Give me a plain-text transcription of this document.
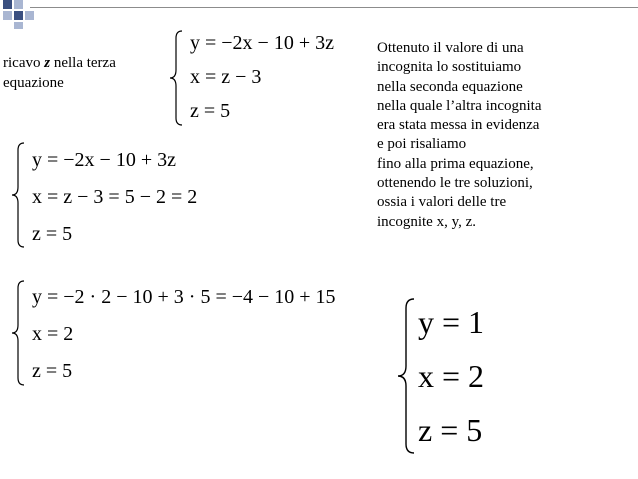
ricavo z nella terza
equazione
y = −2x − 10 + 3z
x = z − 3
z = 5
y = −2x − 10 + 3z
x = z − 3 = 5 − 2 = 2
z = 5
y = −2 · 2 − 10 + 3 · 5 = −4 − 10 + 15
x = 2
z = 5
Ottenuto il valore di una
incognita lo sostituiamo
nella seconda equazione
nella quale l’altra incognita
era stata messa in evidenza
e poi risaliamo
fino alla prima equazione,
ottenendo le tre soluzioni,
ossia i valori delle tre
incognite x, y, z.
y = 1
x = 2
z = 5
